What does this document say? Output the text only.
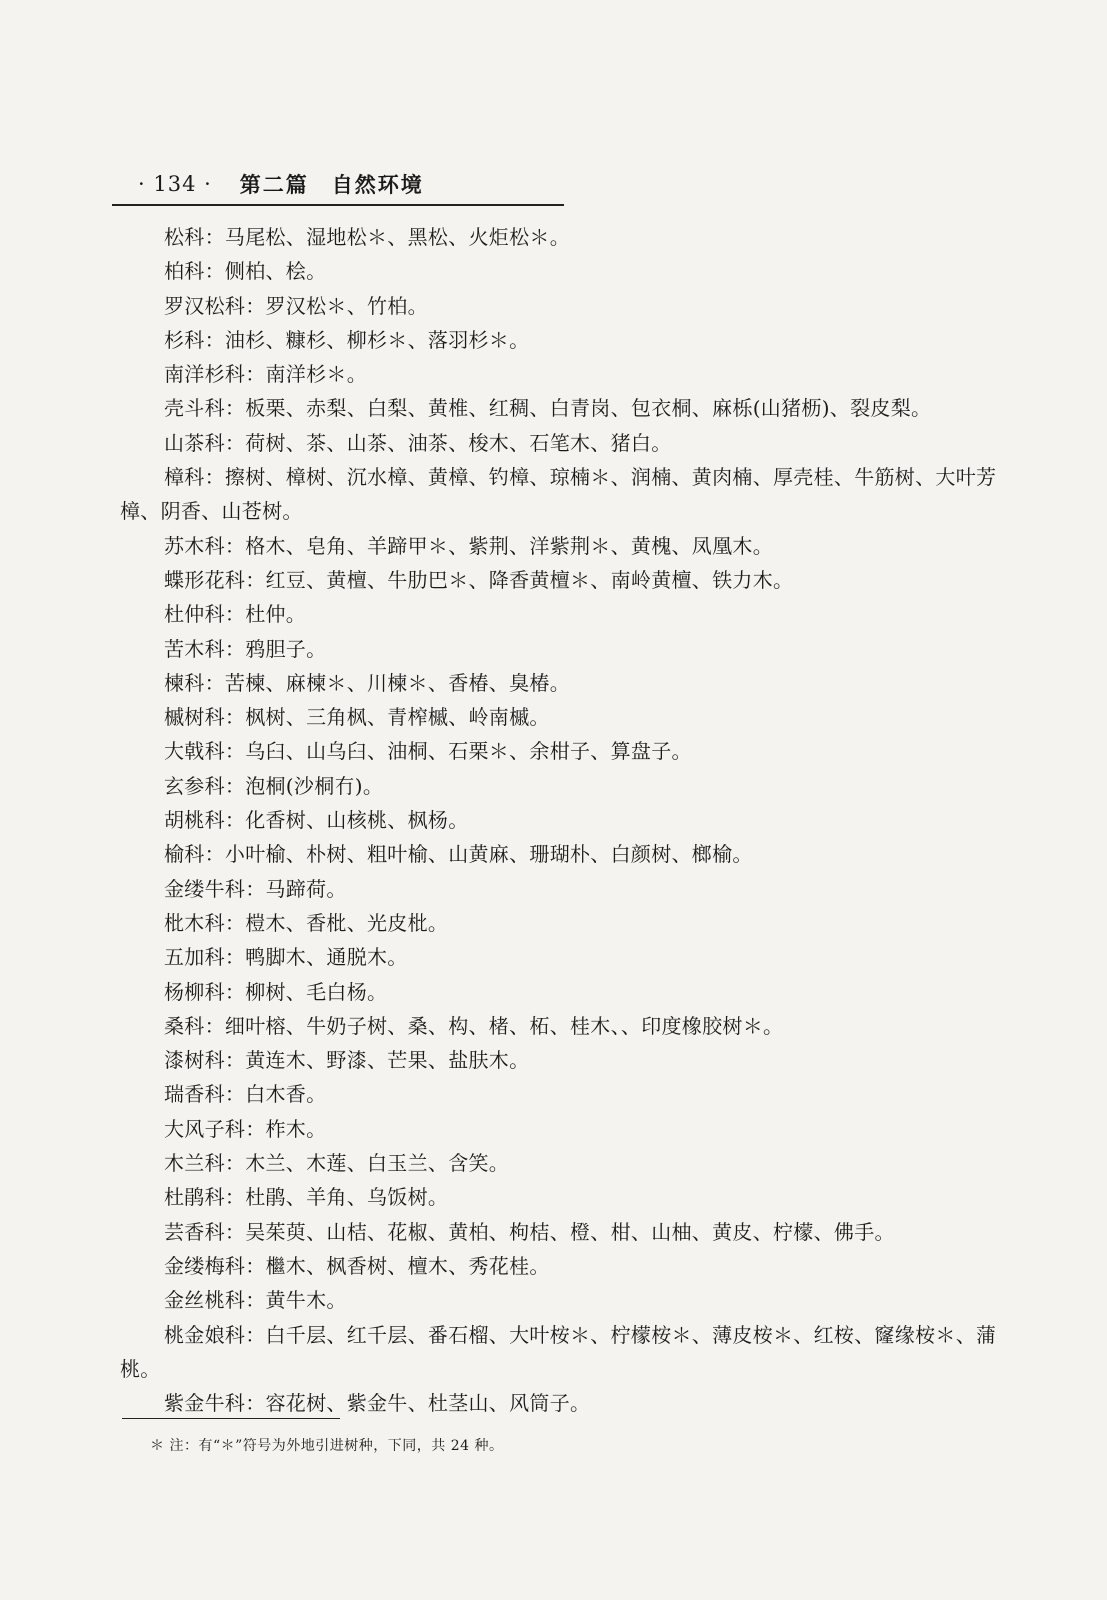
· 134 · 第二篇　自然环境
松科：马尾松、湿地松＊、黑松、火炬松＊。
柏科：侧柏、桧。
罗汉松科：罗汉松＊、竹柏。
杉科：油杉、糠杉、柳杉＊、落羽杉＊。
南洋杉科：南洋杉＊。
壳斗科：板栗、赤梨、白梨、黄椎、红稠、白青岗、包衣桐、麻栎(山猪枥)、裂皮梨。
山茶科：荷树、茶、山茶、油茶、梭木、石笔木、猪白。
樟科：擦树、樟树、沉水樟、黄樟、钓樟、琼楠＊、润楠、黄肉楠、厚壳桂、牛筋树、大叶芳樟、阴香、山苍树。
苏木科：格木、皂角、羊蹄甲＊、紫荆、洋紫荆＊、黄槐、凤凰木。
蝶形花科：红豆、黄檀、牛肋巴＊、降香黄檀＊、南岭黄檀、铁力木。
杜仲科：杜仲。
苦木科：鸦胆子。
楝科：苦楝、麻楝＊、川楝＊、香椿、臭椿。
槭树科：枫树、三角枫、青榨槭、岭南槭。
大戟科：乌臼、山乌臼、油桐、石栗＊、余柑子、算盘子。
玄参科：泡桐(沙桐冇)。
胡桃科：化香树、山核桃、枫杨。
榆科：小叶榆、朴树、粗叶榆、山黄麻、珊瑚朴、白颜树、榔榆。
金缕牛科：马蹄荷。
枇木科：榿木、香枇、光皮枇。
五加科：鸭脚木、通脱木。
杨柳科：柳树、毛白杨。
桑科：细叶榕、牛奶子树、桑、构、楮、柘、桂木、、印度橡胶树＊。
漆树科：黄连木、野漆、芒果、盐肤木。
瑞香科：白木香。
大风子科：柞木。
木兰科：木兰、木莲、白玉兰、含笑。
杜鹃科：杜鹃、羊角、乌饭树。
芸香科：吴茱萸、山桔、花椒、黄柏、枸桔、橙、柑、山柚、黄皮、柠檬、佛手。
金缕梅科：檵木、枫香树、檀木、秀花桂。
金丝桃科：黄牛木。
桃金娘科：白千层、红千层、番石榴、大叶桉＊、柠檬桉＊、薄皮桉＊、红桉、窿缘桉＊、蒲桃。
紫金牛科：容花树、紫金牛、杜茎山、风筒子。
＊ 注：有“＊”符号为外地引进树种，下同，共 24 种。
